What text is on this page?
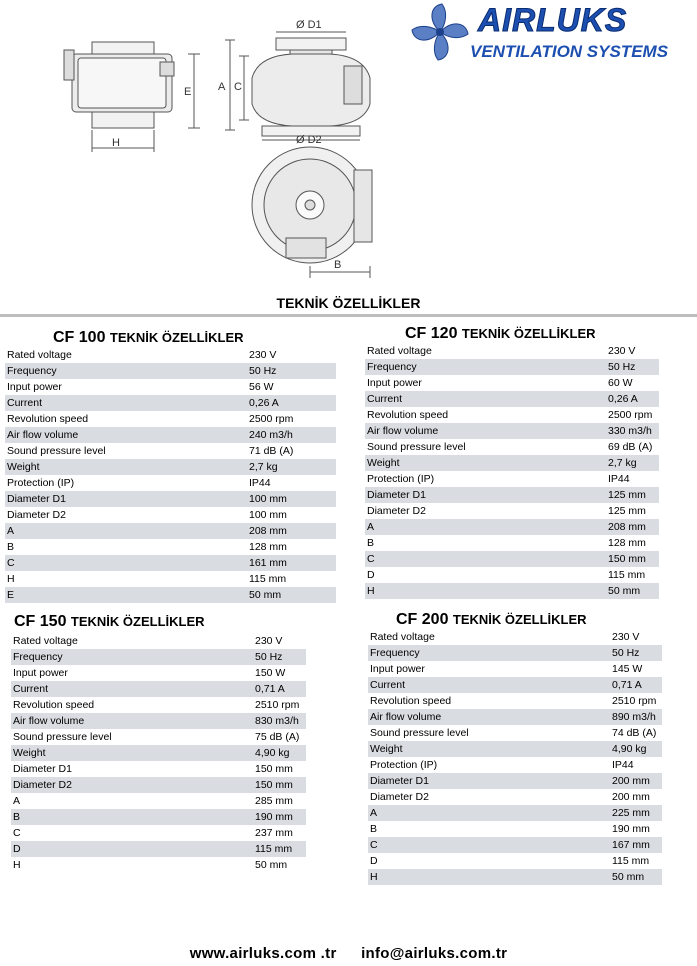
Ø D1
Ø D2
A C
E
H
B
AIRLUKS
VENTILATION SYSTEMS
TEKNİK ÖZELLİKLER
CF 100 TEKNİK ÖZELLİKLER
Rated voltage	230 V
Frequency	50 Hz
Input power	56 W
Current	0,26 A
Revolution speed	2500 rpm
Air flow volume	240 m3/h
Sound pressure level	71 dB (A)
Weight	2,7 kg
Protection (IP)	IP44
Diameter D1	100 mm
Diameter D2	100 mm
A	208 mm
B	128 mm
C	161 mm
H	115 mm
E	50 mm
CF 120 TEKNİK ÖZELLİKLER
Rated voltage	230 V
Frequency	50 Hz
Input power	60 W
Current	0,26 A
Revolution speed	2500 rpm
Air flow volume	330 m3/h
Sound pressure level	69 dB (A)
Weight	2,7 kg
Protection (IP)	IP44
Diameter D1	125 mm
Diameter D2	125 mm
A	208 mm
B	128 mm
C	150 mm
D	115 mm
H	50 mm
CF 150 TEKNİK ÖZELLİKLER
Rated voltage	230 V
Frequency	50 Hz
Input power	150 W
Current	0,71 A
Revolution speed	2510 rpm
Air flow volume	830 m3/h
Sound pressure level	75 dB (A)
Weight	4,90 kg
Diameter D1	150 mm
Diameter D2	150 mm
A	285 mm
B	190 mm
C	237 mm
D	115 mm
H	50 mm
CF 200 TEKNİK ÖZELLİKLER
Rated voltage	230 V
Frequency	50 Hz
Input power	145 W
Current	0,71 A
Revolution speed	2510 rpm
Air flow volume	890 m3/h
Sound pressure level	74 dB (A)
Weight	4,90 kg
Protection (IP)	IP44
Diameter D1	200 mm
Diameter D2	200 mm
A	225 mm
B	190 mm
C	167 mm
D	115 mm
H	50 mm
www.airluks.com .tr info@airluks.com.tr
